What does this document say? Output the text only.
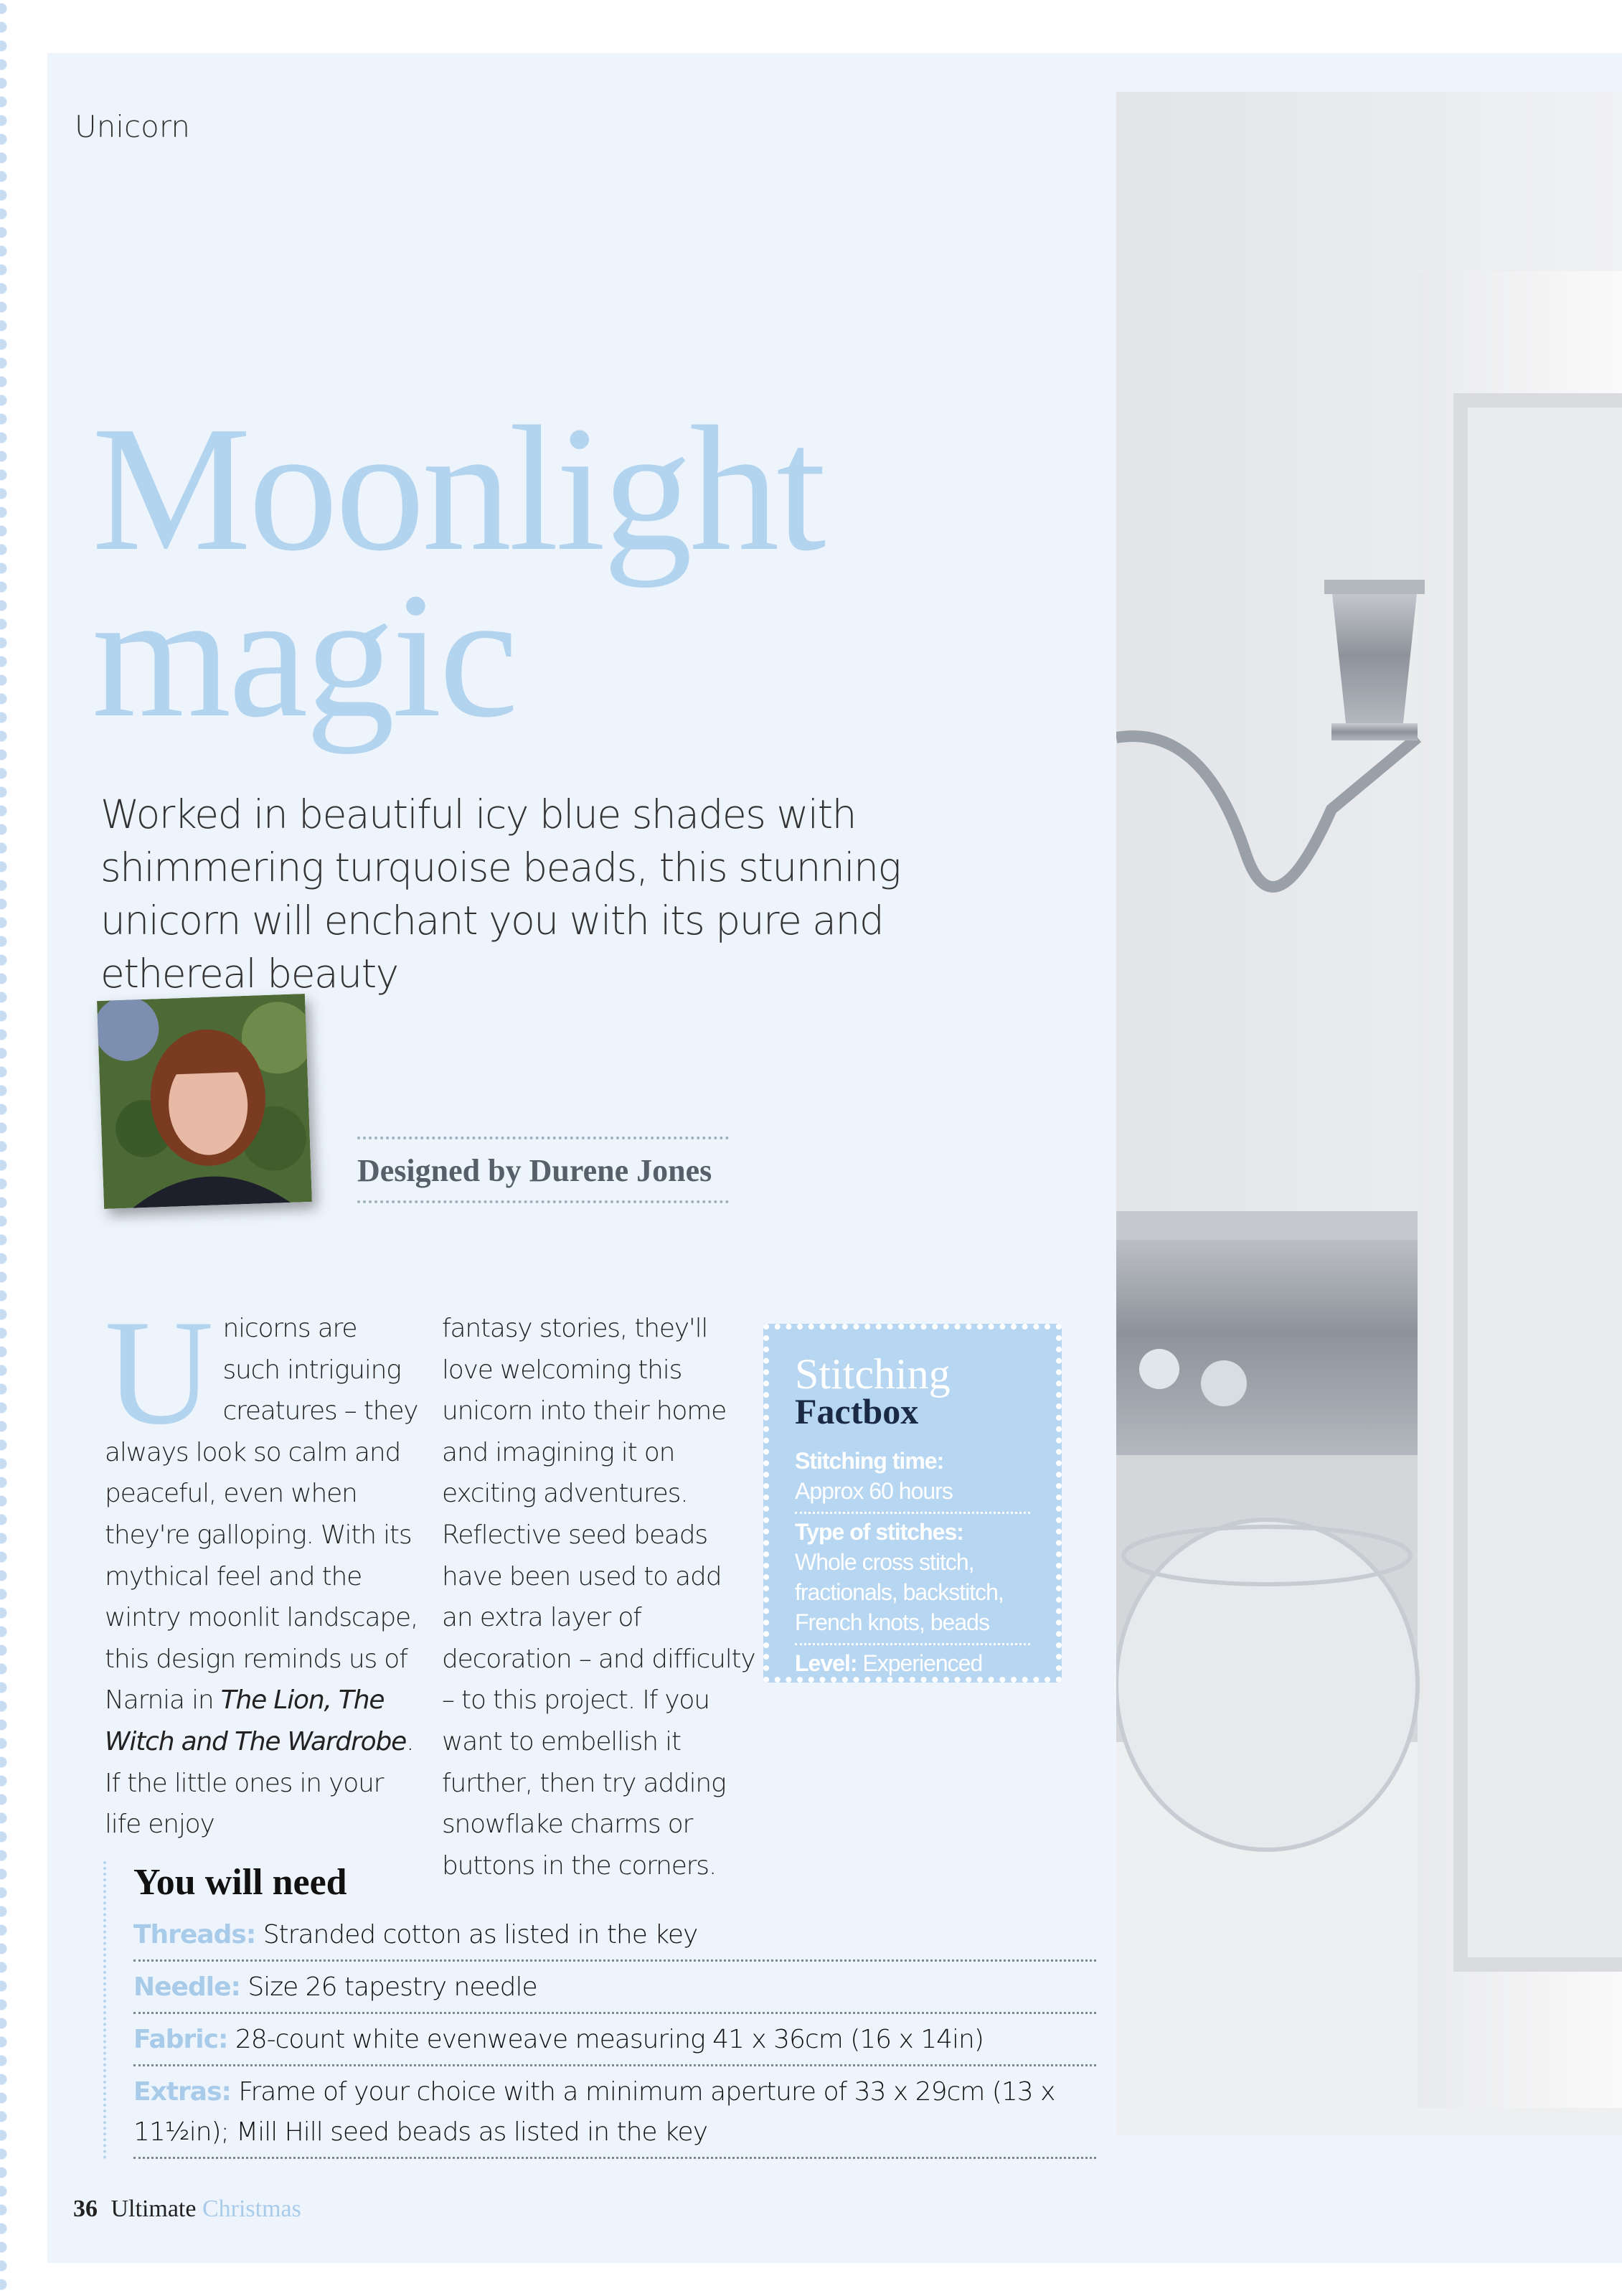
Unicorn
Moonlight
magic
Worked in beautiful icy blue shades with shimmering turquoise beads, this stunning unicorn will enchant you with its pure and ethereal beauty
Designed by Durene Jones
U nicorns are such intriguing creatures – they always look so calm and peaceful, even when they're galloping. With its mythical feel and the wintry moonlit landscape, this design reminds us of Narnia in The Lion, The Witch and The Wardrobe. If the little ones in your life enjoy

fantasy stories, they'll love welcoming this unicorn into their home and imagining it on exciting adventures. Reflective seed beads have been used to add an extra layer of decoration – and difficulty – to this project. If you want to embellish it further, then try adding snowflake charms or buttons in the corners.

Stitching
Factbox
Stitching time:
Approx 60 hours
Type of stitches:
Whole cross stitch, fractionals, backstitch, French knots, beads
Level: Experienced
You will need
Threads: Stranded cotton as listed in the key
Needle: Size 26 tapestry needle
Fabric: 28-count white evenweave measuring 41 x 36cm (16 x 14in)
Extras: Frame of your choice with a minimum aperture of 33 x 29cm (13 x 11½in); Mill Hill seed beads as listed in the key
36 Ultimate Christmas
